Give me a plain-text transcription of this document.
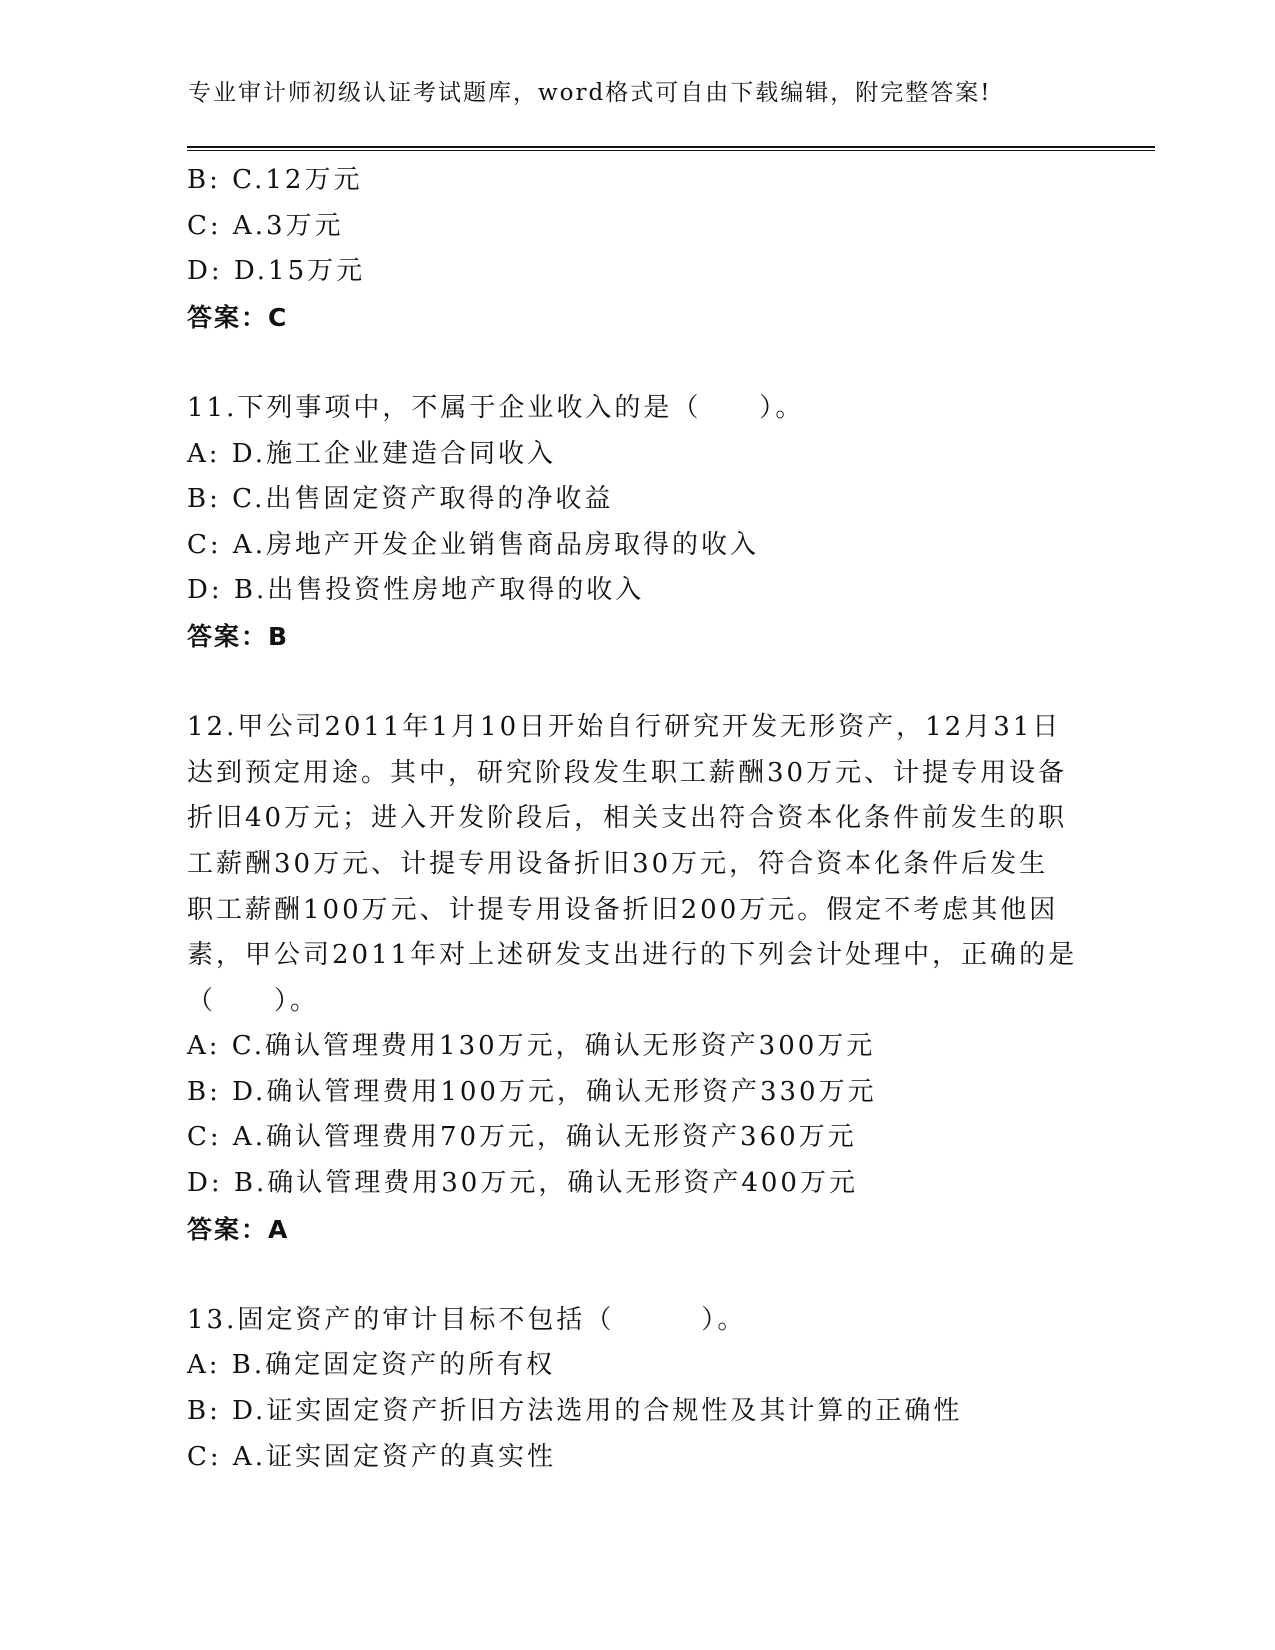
专业审计师初级认证考试题库，word格式可自由下载编辑，附完整答案!
B: C.12万元
C: A.3万元
D: D.15万元
答案：C
11.下列事项中，不属于企业收入的是（　　）。
A: D.施工企业建造合同收入
B: C.出售固定资产取得的净收益
C: A.房地产开发企业销售商品房取得的收入
D: B.出售投资性房地产取得的收入
答案：B
12.甲公司2011年1月10日开始自行研究开发无形资产，12月31日
达到预定用途。其中，研究阶段发生职工薪酬30万元、计提专用设备
折旧40万元；进入开发阶段后，相关支出符合资本化条件前发生的职
工薪酬30万元、计提专用设备折旧30万元，符合资本化条件后发生
职工薪酬100万元、计提专用设备折旧200万元。假定不考虑其他因
素，甲公司2011年对上述研发支出进行的下列会计处理中，正确的是
（　　）。
A: C.确认管理费用130万元，确认无形资产300万元
B: D.确认管理费用100万元，确认无形资产330万元
C: A.确认管理费用70万元，确认无形资产360万元
D: B.确认管理费用30万元，确认无形资产400万元
答案：A
13.固定资产的审计目标不包括（　　　）。
A: B.确定固定资产的所有权
B: D.证实固定资产折旧方法选用的合规性及其计算的正确性
C: A.证实固定资产的真实性
